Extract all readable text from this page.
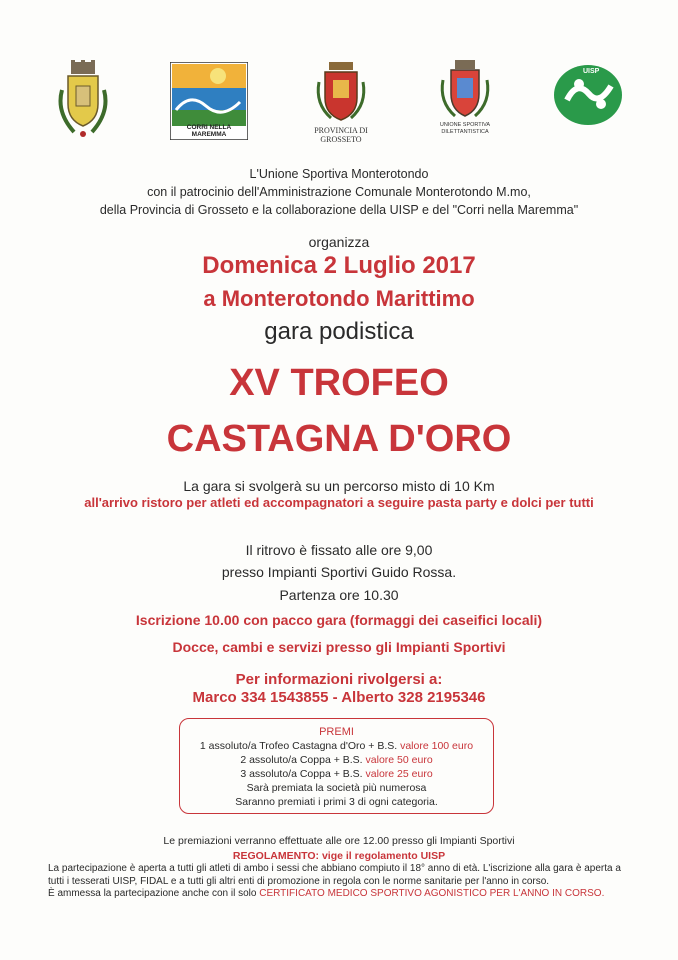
CORRI NELLA MAREMMA	PROVINCIA DI GROSSETO
UNIONE SPORTIVA DILETTANTISTICA
UISP
L'Unione Sportiva Monterotondo
con il patrocinio dell'Amministrazione Comunale Monterotondo M.mo,
della Provincia di Grosseto e la collaborazione della UISP e del "Corri nella Maremma"
organizza
Domenica 2 Luglio 2017
a Monterotondo Marittimo
gara podistica
XV TROFEO
CASTAGNA D'ORO
La gara si svolgerà su un percorso misto di 10 Km
all'arrivo ristoro per atleti ed accompagnatori a seguire pasta party e dolci per tutti
Il ritrovo è fissato alle ore 9,00
presso Impianti Sportivi Guido Rossa.
Partenza ore 10.30
Iscrizione 10.00 con pacco gara (formaggi dei caseifici locali)
Docce, cambi e servizi presso gli Impianti Sportivi
Per informazioni rivolgersi a:
Marco 334 1543855 - Alberto 328 2195346
PREMI
1 assoluto/a Trofeo Castagna d'Oro + B.S. valore 100 euro
2 assoluto/a Coppa + B.S. valore 50 euro
3 assoluto/a Coppa + B.S. valore 25 euro
Sarà premiata la società più numerosa
Saranno premiati i primi 3 di ogni categoria.
Le premiazioni verranno effettuate alle ore 12.00 presso gli Impianti Sportivi
REGOLAMENTO: vige il regolamento UISP
La partecipazione è aperta a tutti gli atleti di ambo i sessi che abbiano compiuto il 18° anno di età. L'iscrizione alla gara è aperta a tutti i tesserati UISP, FIDAL e a tutti gli altri enti di promozione in regola con le norme sanitarie per l'anno in corso.
È ammessa la partecipazione anche con il solo CERTIFICATO MEDICO SPORTIVO AGONISTICO PER L'ANNO IN CORSO.
